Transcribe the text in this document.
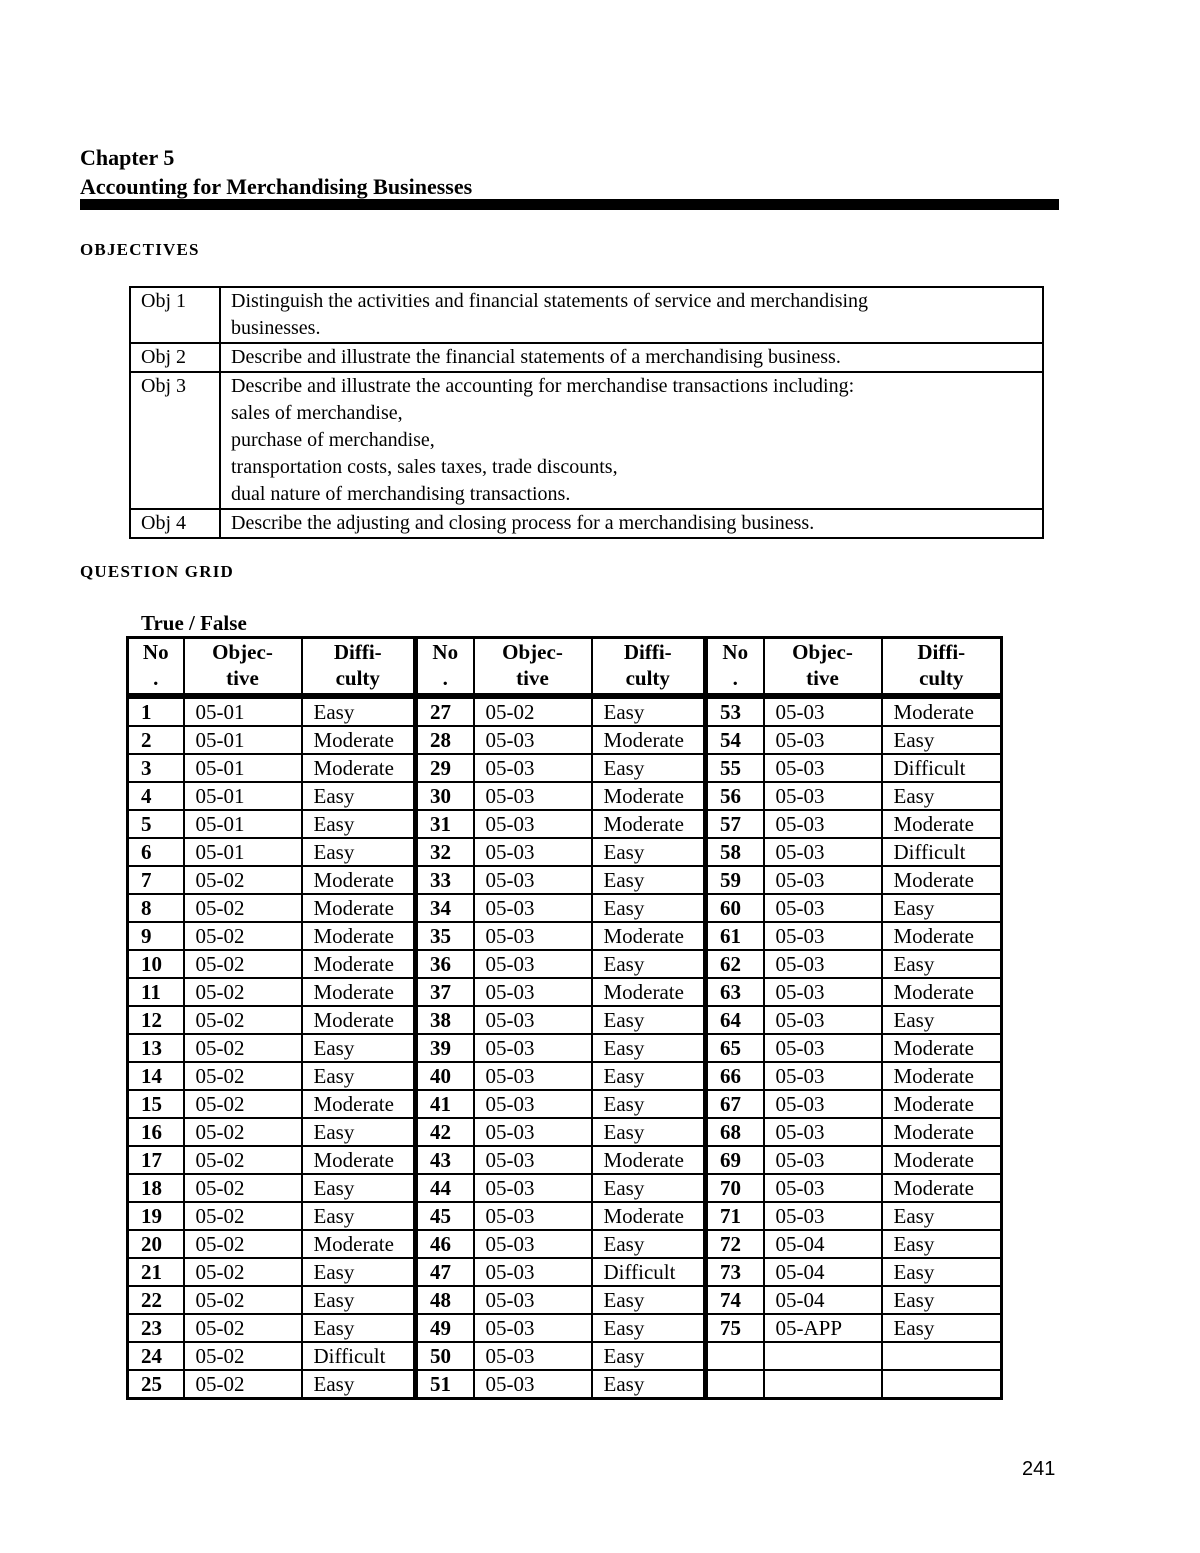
Chapter 5
Accounting for Merchandising Businesses
OBJECTIVES
Obj 1	Distinguish the activities and financial statements of service and merchandising
businesses.

Obj 2	Describe and illustrate the financial statements of a merchandising business.

Obj 3	Describe and illustrate the accounting for merchandise transactions including:
sales of merchandise,
purchase of merchandise,
transportation costs, sales taxes, trade discounts,
dual nature of merchandising transactions.

Obj 4	Describe the adjusting and closing process for a merchandising business.
QUESTION GRID
True / False
No
.	Objec-
tive	Diffi-
culty	No
.	Objec-
tive	Diffi-
culty	No
.	Objec-
tive	Diffi-
culty

1	05-01	Easy	27	05-02	Easy	53	05-03	Moderate
2	05-01	Moderate	28	05-03	Moderate	54	05-03	Easy
3	05-01	Moderate	29	05-03	Easy	55	05-03	Difficult
4	05-01	Easy	30	05-03	Moderate	56	05-03	Easy
5	05-01	Easy	31	05-03	Moderate	57	05-03	Moderate
6	05-01	Easy	32	05-03	Easy	58	05-03	Difficult
7	05-02	Moderate	33	05-03	Easy	59	05-03	Moderate
8	05-02	Moderate	34	05-03	Easy	60	05-03	Easy
9	05-02	Moderate	35	05-03	Moderate	61	05-03	Moderate
10	05-02	Moderate	36	05-03	Easy	62	05-03	Easy
11	05-02	Moderate	37	05-03	Moderate	63	05-03	Moderate
12	05-02	Moderate	38	05-03	Easy	64	05-03	Easy
13	05-02	Easy	39	05-03	Easy	65	05-03	Moderate
14	05-02	Easy	40	05-03	Easy	66	05-03	Moderate
15	05-02	Moderate	41	05-03	Easy	67	05-03	Moderate
16	05-02	Easy	42	05-03	Easy	68	05-03	Moderate
17	05-02	Moderate	43	05-03	Moderate	69	05-03	Moderate
18	05-02	Easy	44	05-03	Easy	70	05-03	Moderate
19	05-02	Easy	45	05-03	Moderate	71	05-03	Easy
20	05-02	Moderate	46	05-03	Easy	72	05-04	Easy
21	05-02	Easy	47	05-03	Difficult	73	05-04	Easy
22	05-02	Easy	48	05-03	Easy	74	05-04	Easy
23	05-02	Easy	49	05-03	Easy	75	05-APP	Easy
24	05-02	Difficult	50	05-03	Easy			
25	05-02	Easy	51	05-03	Easy			
241
